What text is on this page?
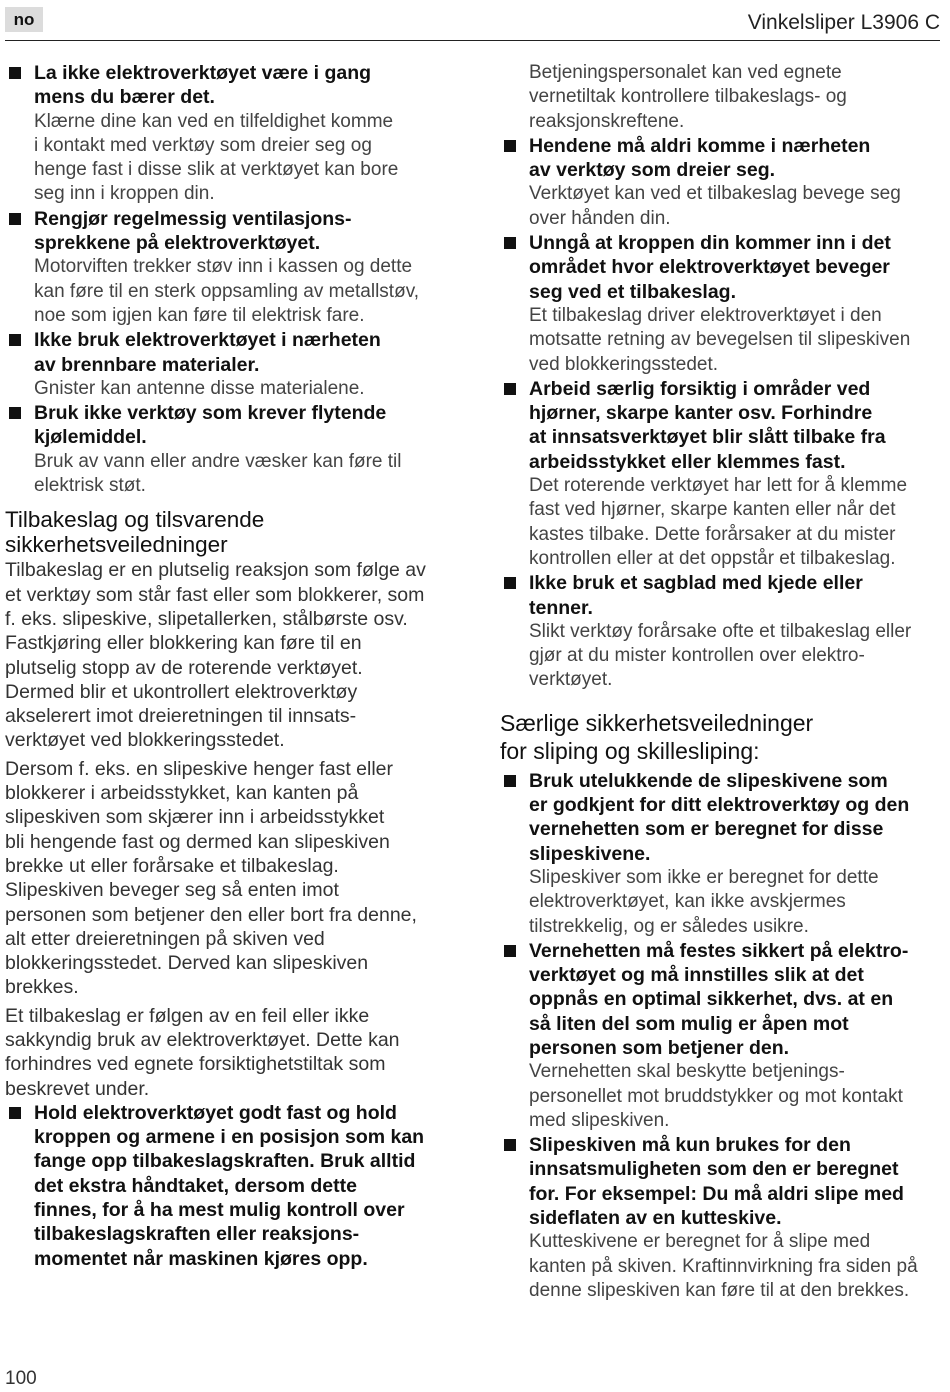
no	Vinkelsliper L3906 C
La ikke elektroverktøyet være i gang
mens du bærer det.
Klærne dine kan ved en tilfeldighet komme
i kontakt med verktøy som dreier seg og
henge fast i disse slik at verktøyet kan bore
seg inn i kroppen din.
Rengjør regelmessig ventilasjons-
sprekkene på elektroverktøyet.
Motorviften trekker støv inn i kassen og dette
kan føre til en sterk oppsamling av metallstøv,
noe som igjen kan føre til elektrisk fare.
Ikke bruk elektroverktøyet i nærheten
av brennbare materialer.
Gnister kan antenne disse materialene.
Bruk ikke verktøy som krever flytende
kjølemiddel.
Bruk av vann eller andre væsker kan føre til
elektrisk støt.
Tilbakeslag og tilsvarende
sikkerhetsveiledninger
Tilbakeslag er en plutselig reaksjon som følge av
et verktøy som står fast eller som blokkerer, som
f. eks. slipeskive, slipetallerken, stålbørste osv.
Fastkjøring eller blokkering kan føre til en
plutselig stopp av de roterende verktøyet.
Dermed blir et ukontrollert elektroverktøy
akselerert imot dreieretningen til innsats-
verktøyet ved blokkeringsstedet.
Dersom f. eks. en slipeskive henger fast eller
blokkerer i arbeidsstykket, kan kanten på
slipeskiven som skjærer inn i arbeidsstykket
bli hengende fast og dermed kan slipeskiven
brekke ut eller forårsake et tilbakeslag.
Slipeskiven beveger seg så enten imot
personen som betjener den eller bort fra denne,
alt etter dreieretningen på skiven ved
blokkeringsstedet. Derved kan slipeskiven
brekkes.
Et tilbakeslag er følgen av en feil eller ikke
sakkyndig bruk av elektroverktøyet. Dette kan
forhindres ved egnete forsiktighetstiltak som
beskrevet under.
Hold elektroverktøyet godt fast og hold
kroppen og armene i en posisjon som kan
fange opp tilbakeslagskraften. Bruk alltid
det ekstra håndtaket, dersom dette
finnes, for å ha mest mulig kontroll over
tilbakeslagskraften eller reaksjons-
momentet når maskinen kjøres opp.
Betjeningspersonalet kan ved egnete
vernetiltak kontrollere tilbakeslags- og
reaksjonskreftene.
Hendene må aldri komme i nærheten
av verktøy som dreier seg.
Verktøyet kan ved et tilbakeslag bevege seg
over hånden din.
Unngå at kroppen din kommer inn i det
området hvor elektroverktøyet beveger
seg ved et tilbakeslag.
Et tilbakeslag driver elektroverktøyet i den
motsatte retning av bevegelsen til slipeskiven
ved blokkeringsstedet.
Arbeid særlig forsiktig i områder ved
hjørner, skarpe kanter osv. Forhindre
at innsatsverktøyet blir slått tilbake fra
arbeidsstykket eller klemmes fast.
Det roterende verktøyet har lett for å klemme
fast ved hjørner, skarpe kanten eller når det
kastes tilbake. Dette forårsaker at du mister
kontrollen eller at det oppstår et tilbakeslag.
Ikke bruk et sagblad med kjede eller
tenner.
Slikt verktøy forårsake ofte et tilbakeslag eller
gjør at du mister kontrollen over elektro-
verktøyet.
Særlige sikkerhetsveiledninger
for sliping og skillesliping:
Bruk utelukkende de slipeskivene som
er godkjent for ditt elektroverktøy og den
vernehetten som er beregnet for disse
slipeskivene.
Slipeskiver som ikke er beregnet for dette
elektroverktøyet, kan ikke avskjermes
tilstrekkelig, og er således usikre.
Vernehetten må festes sikkert på elektro-
verktøyet og må innstilles slik at det
oppnås en optimal sikkerhet, dvs. at en
så liten del som mulig er åpen mot
personen som betjener den.
Vernehetten skal beskytte betjenings-
personellet mot bruddstykker og mot kontakt
med slipeskiven.
Slipeskiven må kun brukes for den
innsatsmuligheten som den er beregnet
for. For eksempel: Du må aldri slipe med
sideflaten av en kutteskive.
Kutteskivene er beregnet for å slipe med
kanten på skiven. Kraftinnvirkning fra siden på
denne slipeskiven kan føre til at den brekkes.
100
